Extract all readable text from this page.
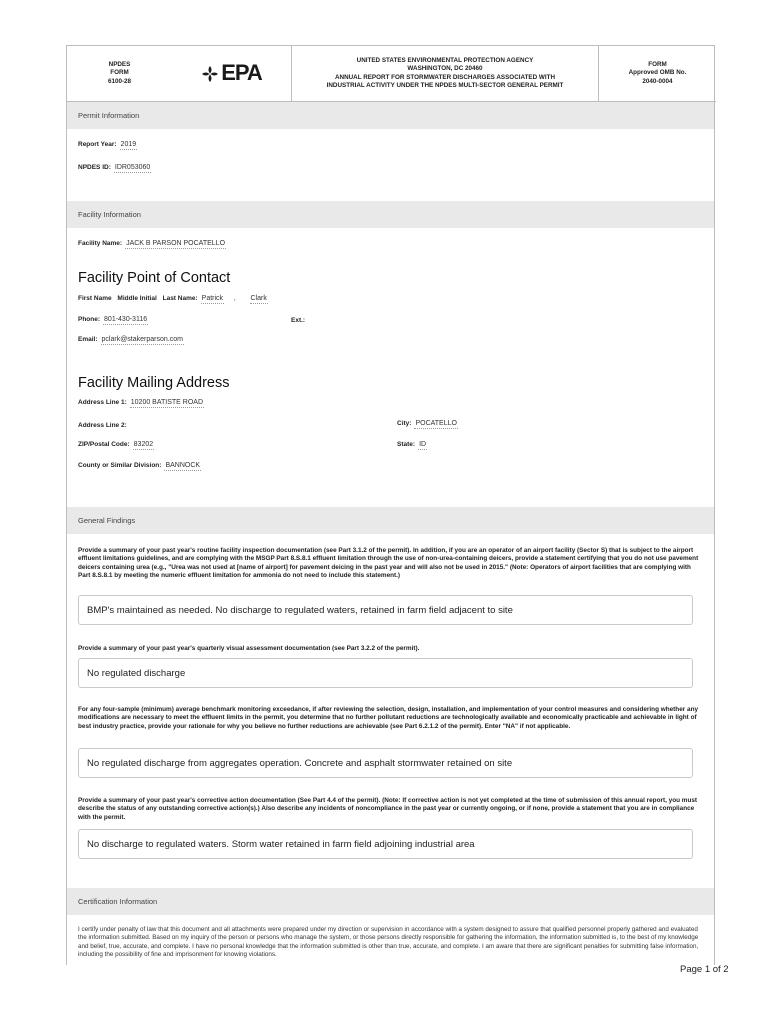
NPDES
FORM
6100-28	EPA
UNITED STATES ENVIRONMENTAL PROTECTION AGENCY
WASHINGTON, DC 20460
ANNUAL REPORT FOR STORMWATER DISCHARGES ASSOCIATED WITH
INDUSTRIAL ACTIVITY UNDER THE NPDES MULTI-SECTOR GENERAL PERMIT
FORM
Approved OMB No.
2040-0004
Permit Information
Report Year: 2019
NPDES ID: IDR053060
Facility Information
Facility Name: JACK B PARSON POCATELLO
Facility Point of Contact
First Name Middle Initial Last Name: Patrick , Clark
Phone: 801-430-3116	Ext.:
Email: pclark@stakerparson.com
Facility Mailing Address
Address Line 1: 10200 BATISTE ROAD
Address Line 2:	City: POCATELLO
ZIP/Postal Code: 83202	State: ID
County or Similar Division: BANNOCK
General Findings
Provide a summary of your past year's routine facility inspection documentation (see Part 3.1.2 of the permit). In addition, if you are an operator of an airport facility (Sector S) that is subject to the airport effluent limitations guidelines, and are complying with the MSGP Part 8.S.8.1 effluent limitation through the use of non-urea-containing deicers, provide a statement certifying that you do not use pavement deicers containing urea (e.g., "Urea was not used at [name of airport] for pavement deicing in the past year and will also not be used in 2015." (Note: Operators of airport facilities that are complying with Part 8.S.8.1 by meeting the numeric effluent limitation for ammonia do not need to include this statement.)
BMP's maintained as needed. No discharge to regulated waters, retained in farm field adjacent to site
Provide a summary of your past year's quarterly visual assessment documentation (see Part 3.2.2 of the permit).
No regulated discharge
For any four-sample (minimum) average benchmark monitoring exceedance, if after reviewing the selection, design, installation, and implementation of your control measures and considering whether any modifications are necessary to meet the effluent limits in the permit, you determine that no further pollutant reductions are technologically available and economically practicable and achievable in light of best industry practice, provide your rationale for why you believe no further reductions are achievable (see Part 6.2.1.2 of the permit). Enter "NA" if not applicable.
No regulated discharge from aggregates operation. Concrete and asphalt stormwater retained on site
Provide a summary of your past year's corrective action documentation (See Part 4.4 of the permit). (Note: If corrective action is not yet completed at the time of submission of this annual report, you must describe the status of any outstanding corrective action(s).) Also describe any incidents of noncompliance in the past year or currently ongoing, or if none, provide a statement that you are in compliance with the permit.
No discharge to regulated waters. Storm water retained in farm field adjoining industrial area
Certification Information
I certify under penalty of law that this document and all attachments were prepared under my direction or supervision in accordance with a system designed to assure that qualified personnel properly gathered and evaluated the information submitted. Based on my inquiry of the person or persons who manage the system, or those persons directly responsible for gathering the information, the information submitted is, to the best of my knowledge and belief, true, accurate, and complete. I have no personal knowledge that the information submitted is other than true, accurate, and complete. I am aware that there are significant penalties for submitting false information, including the possibility of fine and imprisonment for knowing violations.
Page 1 of 2
